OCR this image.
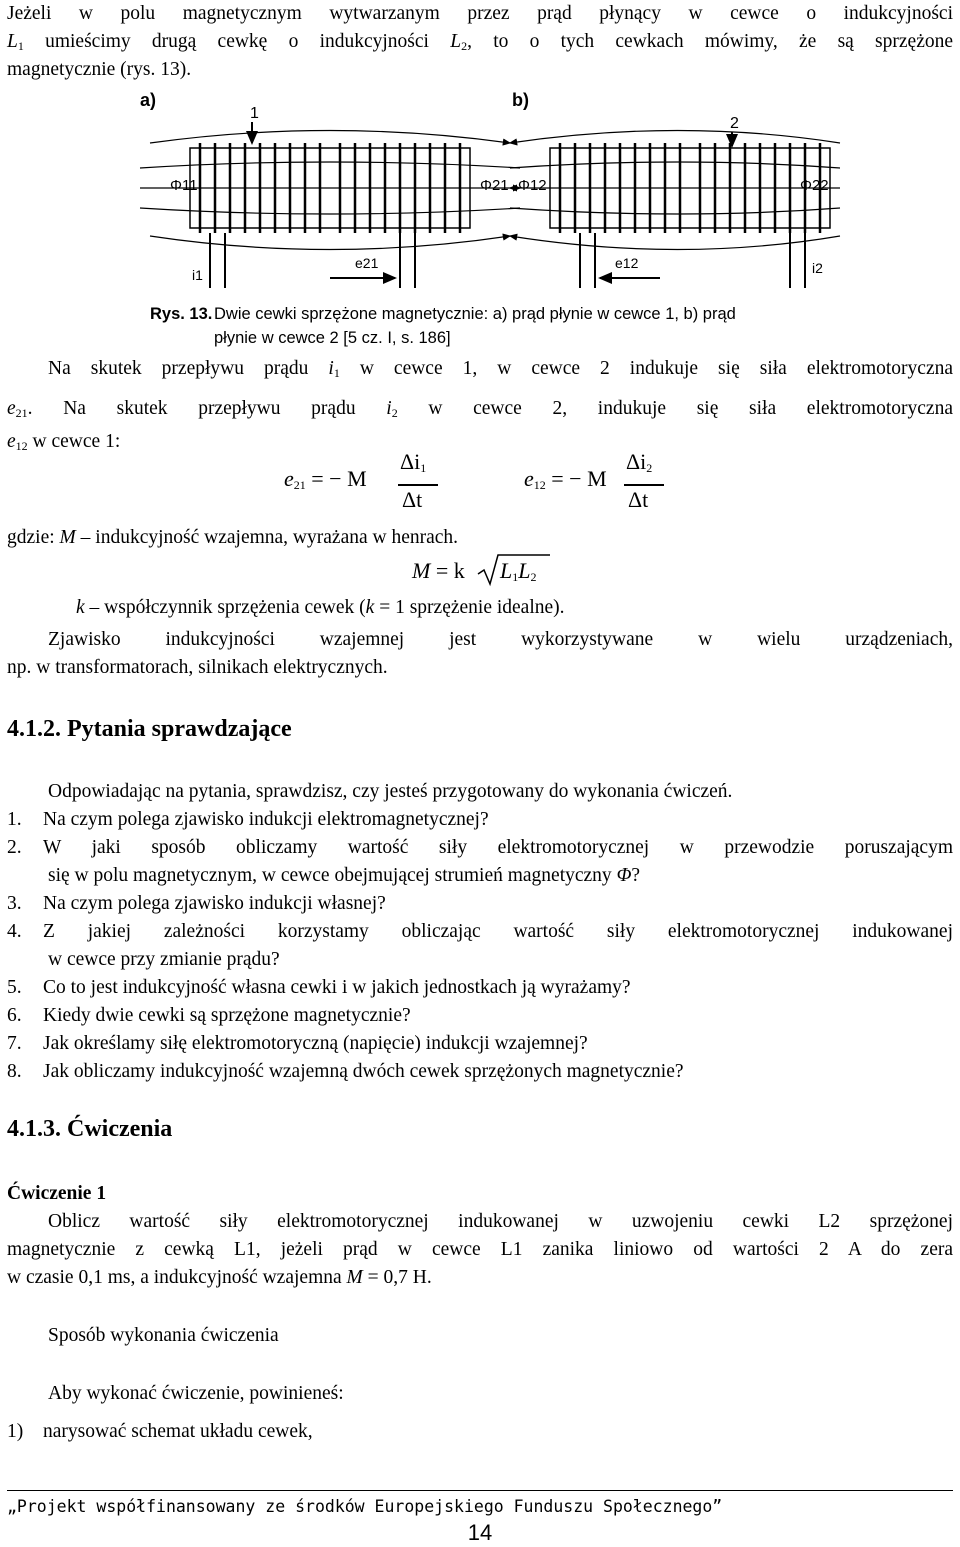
Jeżeli w polu magnetycznym wytwarzanym przez prąd płynący w cewce o indukcyjności
$L_1$ umieścimy drugą cewkę o indukcyjności $L_2$, to o tych cewkach mówimy, że są sprzężone
magnetycznie (rys. 13).
a)
1
Φ11	Φ21
i1
e21
b)
2
Φ12	Φ22
e12	i2
Rys. 13. Dwie cewki sprzężone magnetycznie: a) prąd płynie w cewce 1, b) prąd
płynie w cewce 2 [5 cz. I, s. 186]
Na skutek przepływu prądu $i_1$ w cewce 1, w cewce 2 indukuje się siła elektromotoryczna
$e_{21}$. Na skutek przepływu prądu $i_2$ w cewce 2, indukuje się siła elektromotoryczna
$e_{12}$ w cewce 1:
$e_{21}$ = − M
$\Delta i_1$
Δt
$e_{12}$ = − M
$\Delta i_2$
Δt
gdzie: M – indukcyjność wzajemna, wyrażana w henrach.
M = k $L_1L_2$
k – współczynnik sprzężenia cewek (k = 1 sprzężenie idealne).
Zjawisko indukcyjności wzajemnej jest wykorzystywane w wielu urządzeniach,
np. w transformatorach, silnikach elektrycznych.
4.1.2. Pytania sprawdzające
Odpowiadając na pytania, sprawdzisz, czy jesteś przygotowany do wykonania ćwiczeń.
1. Na czym polega zjawisko indukcji elektromagnetycznej?
2. W jaki sposób obliczamy wartość siły elektromotorycznej w przewodzie poruszającym
się w polu magnetycznym, w cewce obejmującej strumień magnetyczny Φ?
3. Na czym polega zjawisko indukcji własnej?
4. Z jakiej zależności korzystamy obliczając wartość siły elektromotorycznej indukowanej
w cewce przy zmianie prądu?
5. Co to jest indukcyjność własna cewki i w jakich jednostkach ją wyrażamy?
6. Kiedy dwie cewki są sprzężone magnetycznie?
7. Jak określamy siłę elektromotoryczną (napięcie) indukcji wzajemnej?
8. Jak obliczamy indukcyjność wzajemną dwóch cewek sprzężonych magnetycznie?
4.1.3. Ćwiczenia
Ćwiczenie 1
Oblicz wartość siły elektromotorycznej indukowanej w uzwojeniu cewki L2 sprzężonej
magnetycznie z cewką L1, jeżeli prąd w cewce L1 zanika liniowo od wartości 2 A do zera
w czasie 0,1 ms, a indukcyjność wzajemna M = 0,7 H.
Sposób wykonania ćwiczenia
Aby wykonać ćwiczenie, powinieneś:
1) narysować schemat układu cewek,
„Projekt współfinansowany ze środków Europejskiego Funduszu Społecznego”
14
